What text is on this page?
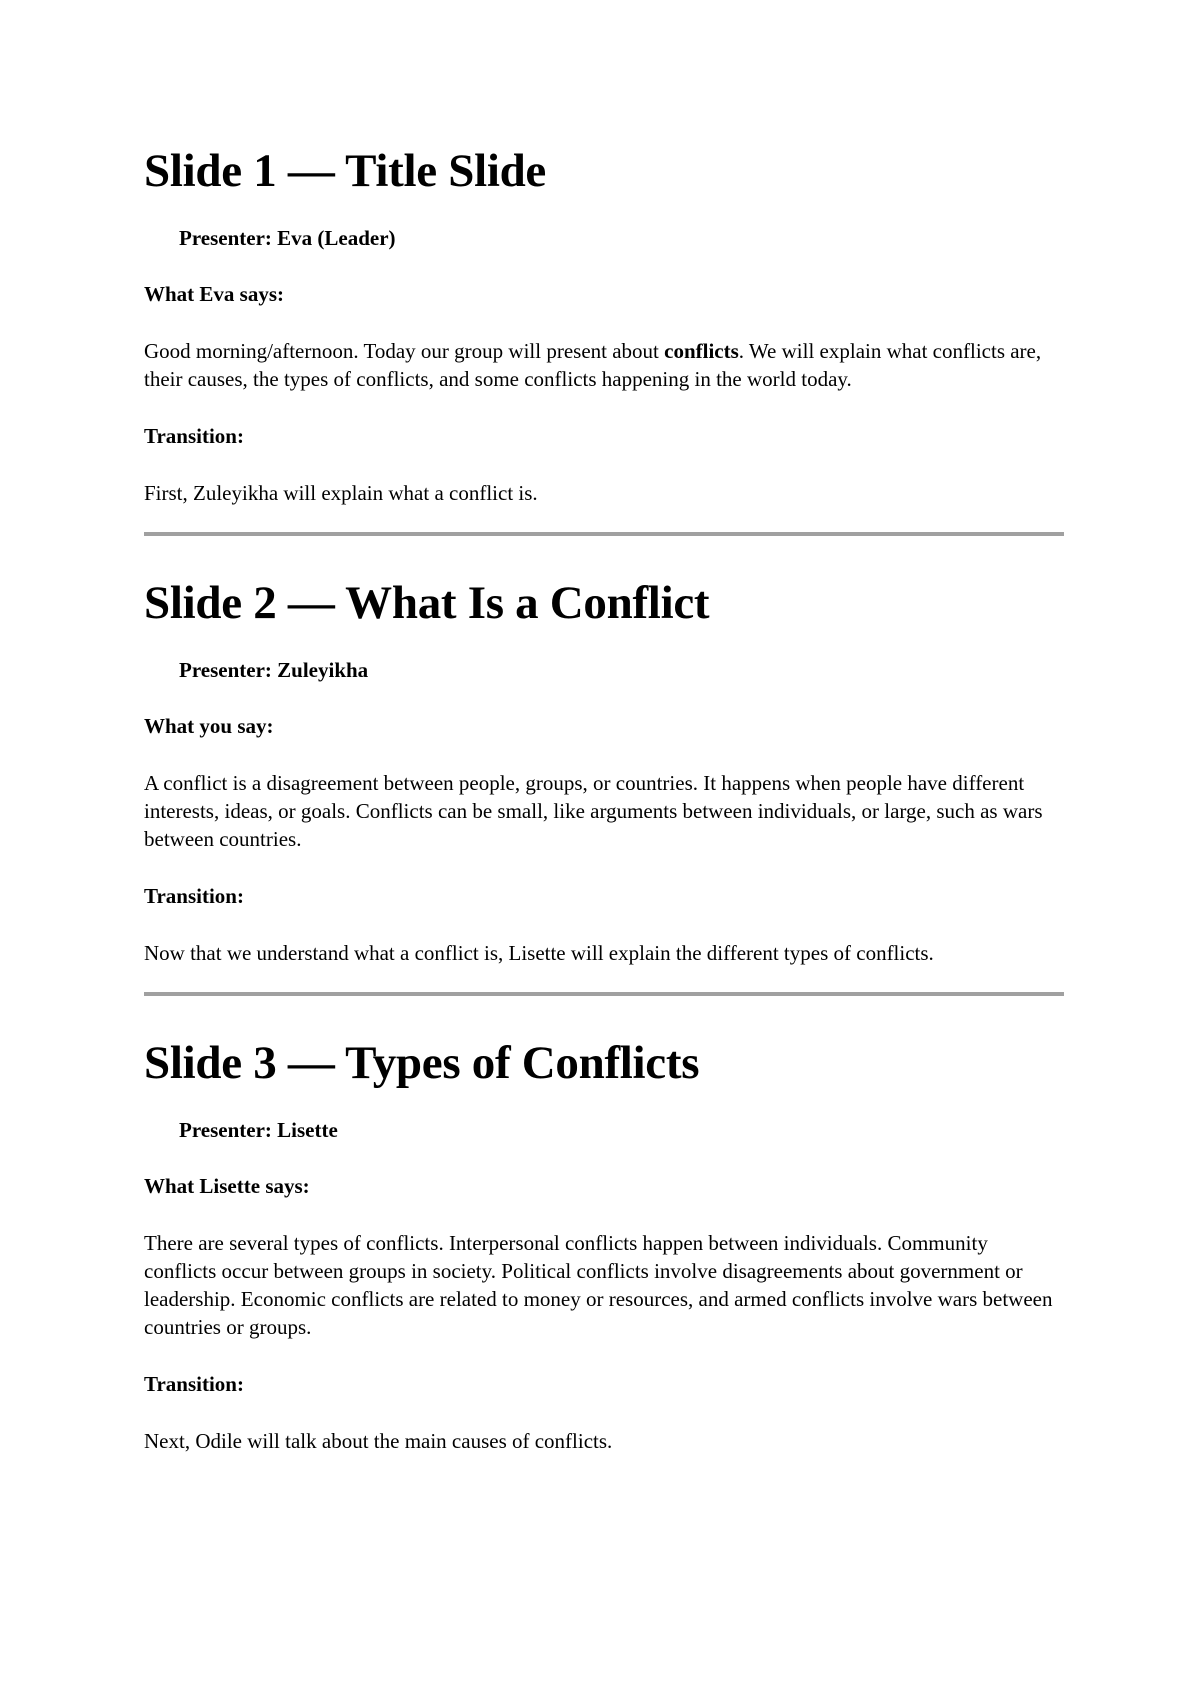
Slide 1 — Title Slide
Presenter: Eva (Leader)
What Eva says:

Good morning/afternoon. Today our group will present about conflicts. We will explain what conflicts are, their causes, the types of conflicts, and some conflicts happening in the world today.

Transition:

First, Zuleyikha will explain what a conflict is.

Slide 2 — What Is a Conflict
Presenter: Zuleyikha
What you say:

A conflict is a disagreement between people, groups, or countries. It happens when people have different interests, ideas, or goals. Conflicts can be small, like arguments between individuals, or large, such as wars between countries.

Transition:

Now that we understand what a conflict is, Lisette will explain the different types of conflicts.

Slide 3 — Types of Conflicts
Presenter: Lisette
What Lisette says:

There are several types of conflicts. Interpersonal conflicts happen between individuals. Community conflicts occur between groups in society. Political conflicts involve disagreements about government or leadership. Economic conflicts are related to money or resources, and armed conflicts involve wars between countries or groups.

Transition:

Next, Odile will talk about the main causes of conflicts.
